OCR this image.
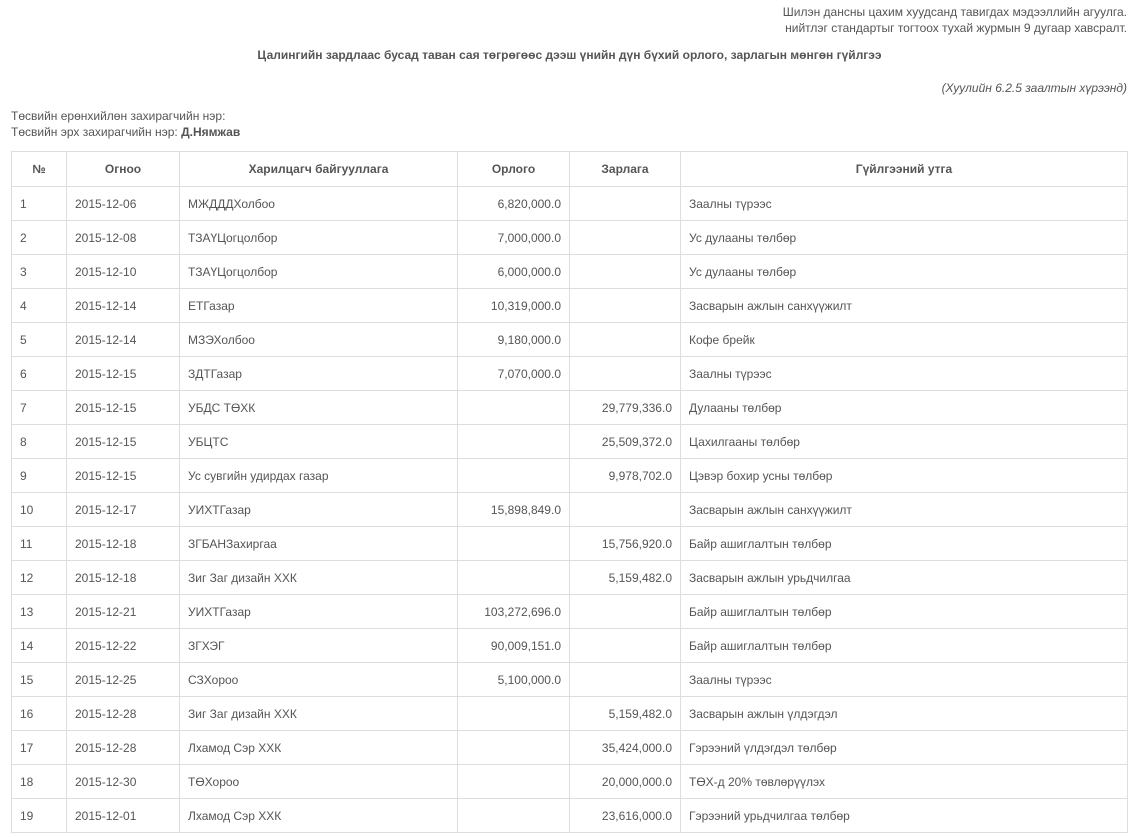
Шилэн дансны цахим хуудсанд тавигдах мэдээллийн агуулга.
нийтлэг стандартыг тогтоох тухай журмын 9 дугаар хавсралт.
Цалингийн зардлаас бусад таван сая төгрөгөөс дээш үнийн дүн бүхий орлого, зарлагын мөнгөн гүйлгээ
(Хуулийн 6.2.5 заалтын хүрээнд)
Төсвийн ерөнхийлөн захирагчийн нэр:
Төсвийн эрх захирагчийн нэр: Д.Нямжав
№	Огноо	Харилцагч байгууллага	Орлого	Зарлага	Гүйлгээний утга
1	2015-12-06	МЖДДДХолбоо	6,820,000.0		Заалны түрээс
2	2015-12-08	ТЗАҮЦогцолбор	7,000,000.0		Ус дулааны төлбөр
3	2015-12-10	ТЗАҮЦогцолбор	6,000,000.0		Ус дулааны төлбөр
4	2015-12-14	ЕТГазар	10,319,000.0		Засварын ажлын санхүүжилт
5	2015-12-14	МЗЭХолбоо	9,180,000.0		Кофе брейк
6	2015-12-15	ЗДТГазар	7,070,000.0		Заалны түрээс
7	2015-12-15	УБДС ТӨХК		29,779,336.0	Дулааны төлбөр
8	2015-12-15	УБЦТС		25,509,372.0	Цахилгааны төлбөр
9	2015-12-15	Ус сувгийн удирдах газар		9,978,702.0	Цэвэр бохир усны төлбөр
10	2015-12-17	УИХТГазар	15,898,849.0		Засварын ажлын санхүүжилт
11	2015-12-18	ЗГБАНЗахиргаа		15,756,920.0	Байр ашиглалтын төлбөр
12	2015-12-18	Зиг Заг дизайн ХХК		5,159,482.0	Засварын ажлын урьдчилгаа
13	2015-12-21	УИХТГазар	103,272,696.0		Байр ашиглалтын төлбөр
14	2015-12-22	ЗГХЭГ	90,009,151.0		Байр ашиглалтын төлбөр
15	2015-12-25	СЗХороо	5,100,000.0		Заалны түрээс
16	2015-12-28	Зиг Заг дизайн ХХК		5,159,482.0	Засварын ажлын үлдэгдэл
17	2015-12-28	Лхамод Сэр ХХК		35,424,000.0	Гэрээний үлдэгдэл төлбөр
18	2015-12-30	ТӨХороо		20,000,000.0	ТӨХ-д 20% төвлөрүүлэх
19	2015-12-01	Лхамод Сэр ХХК		23,616,000.0	Гэрээний урьдчилгаа төлбөр
